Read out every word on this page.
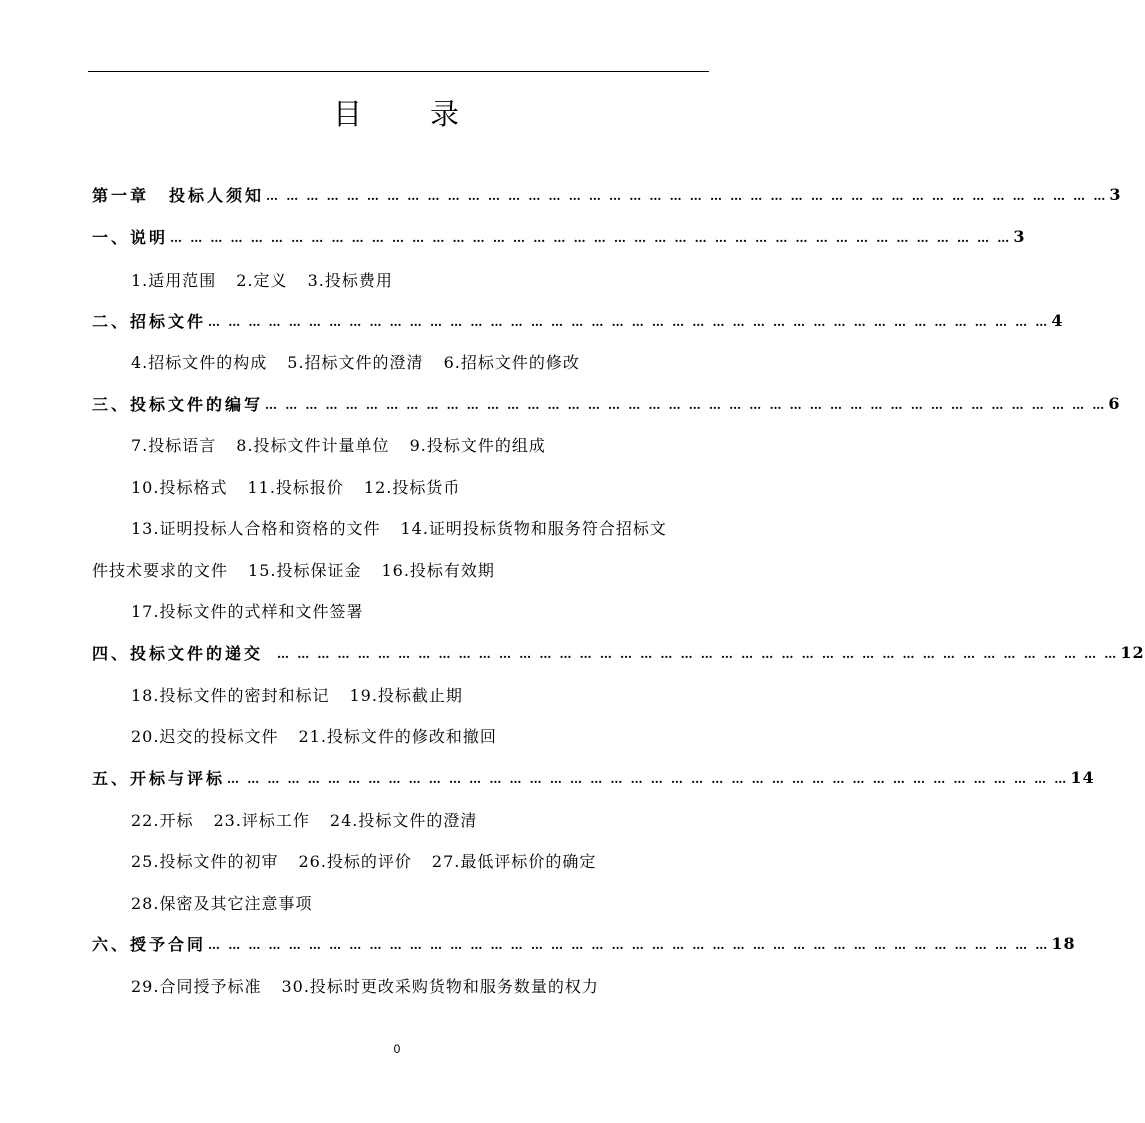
目 录
第一章 投标人须知 … … … … … … … … … … … … … … … … … … … … … … … … … … … … … … … … … … … … … … … … … … 3
一、说明 … … … … … … … … … … … … … … … … … … … … … … … … … … … … … … … … … … … … … … … … … … 3
1.适用范围 2.定义 3.投标费用
二、招标文件 … … … … … … … … … … … … … … … … … … … … … … … … … … … … … … … … … … … … … … … … … … 4
4.招标文件的构成 5.招标文件的澄清 6.招标文件的修改
三、投标文件的编写 … … … … … … … … … … … … … … … … … … … … … … … … … … … … … … … … … … … … … … … … … … 6
7.投标语言 8.投标文件计量单位 9.投标文件的组成
10.投标格式 11.投标报价 12.投标货币
13.证明投标人合格和资格的文件 14.证明投标货物和服务符合招标文
件技术要求的文件 15.投标保证金 16.投标有效期
17.投标文件的式样和文件签署
四、投标文件的递交 … … … … … … … … … … … … … … … … … … … … … … … … … … … … … … … … … … … … … … … … … … 12
18.投标文件的密封和标记 19.投标截止期
20.迟交的投标文件 21.投标文件的修改和撤回
五、开标与评标 … … … … … … … … … … … … … … … … … … … … … … … … … … … … … … … … … … … … … … … … … … 14
22.开标 23.评标工作 24.投标文件的澄清
25.投标文件的初审 26.投标的评价 27.最低评标价的确定
28.保密及其它注意事项
六、授予合同 … … … … … … … … … … … … … … … … … … … … … … … … … … … … … … … … … … … … … … … … … … 18
29.合同授予标准 30.投标时更改采购货物和服务数量的权力
0
